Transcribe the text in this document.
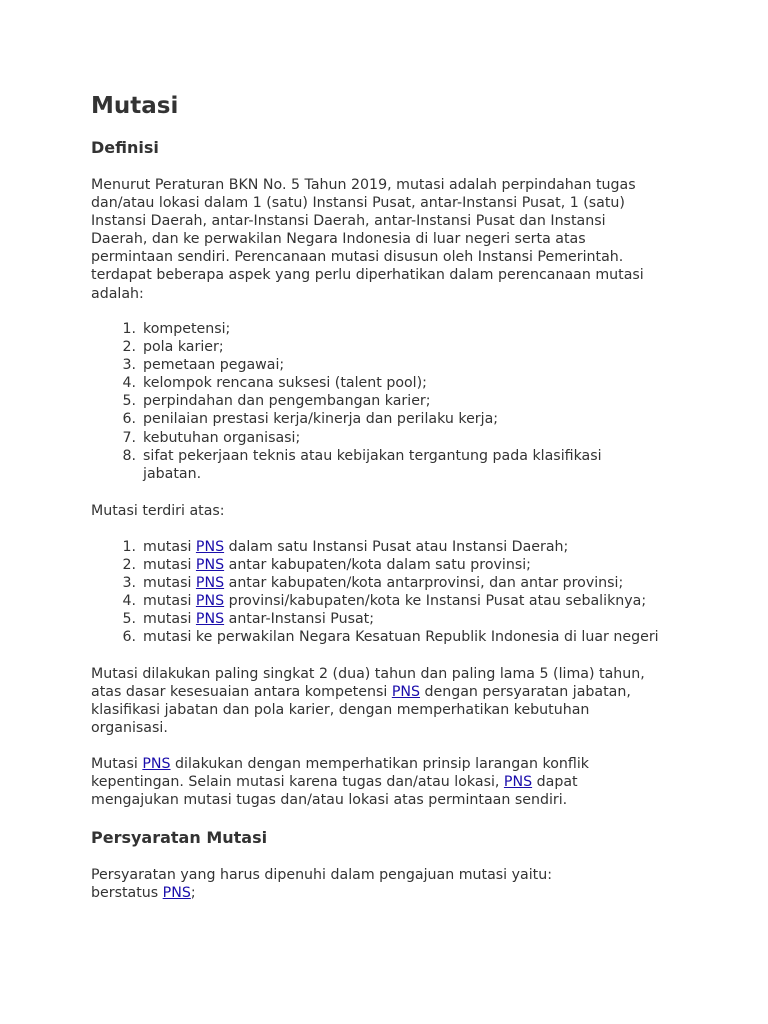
Mutasi
Definisi
Menurut Peraturan BKN No. 5 Tahun 2019, mutasi adalah perpindahan tugas
dan/atau lokasi dalam 1 (satu) Instansi Pusat, antar-Instansi Pusat, 1 (satu)
Instansi Daerah, antar-Instansi Daerah, antar-Instansi Pusat dan Instansi
Daerah, dan ke perwakilan Negara Indonesia di luar negeri serta atas
permintaan sendiri. Perencanaan mutasi disusun oleh Instansi Pemerintah.
terdapat beberapa aspek yang perlu diperhatikan dalam perencanaan mutasi
adalah:
1. kompetensi;
2. pola karier;
3. pemetaan pegawai;
4. kelompok rencana suksesi (talent pool);
5. perpindahan dan pengembangan karier;
6. penilaian prestasi kerja/kinerja dan perilaku kerja;
7. kebutuhan organisasi;
8. sifat pekerjaan teknis atau kebijakan tergantung pada klasifikasi
jabatan.
Mutasi terdiri atas:
1. mutasi PNS dalam satu Instansi Pusat atau Instansi Daerah;
2. mutasi PNS antar kabupaten/kota dalam satu provinsi;
3. mutasi PNS antar kabupaten/kota antarprovinsi, dan antar provinsi;
4. mutasi PNS provinsi/kabupaten/kota ke Instansi Pusat atau sebaliknya;
5. mutasi PNS antar-Instansi Pusat;
6. mutasi ke perwakilan Negara Kesatuan Republik Indonesia di luar negeri
Mutasi dilakukan paling singkat 2 (dua) tahun dan paling lama 5 (lima) tahun,
atas dasar kesesuaian antara kompetensi PNS dengan persyaratan jabatan,
klasifikasi jabatan dan pola karier, dengan memperhatikan kebutuhan
organisasi.
Mutasi PNS dilakukan dengan memperhatikan prinsip larangan konflik
kepentingan. Selain mutasi karena tugas dan/atau lokasi, PNS dapat
mengajukan mutasi tugas dan/atau lokasi atas permintaan sendiri.
Persyaratan Mutasi
Persyaratan yang harus dipenuhi dalam pengajuan mutasi yaitu:
berstatus PNS;
